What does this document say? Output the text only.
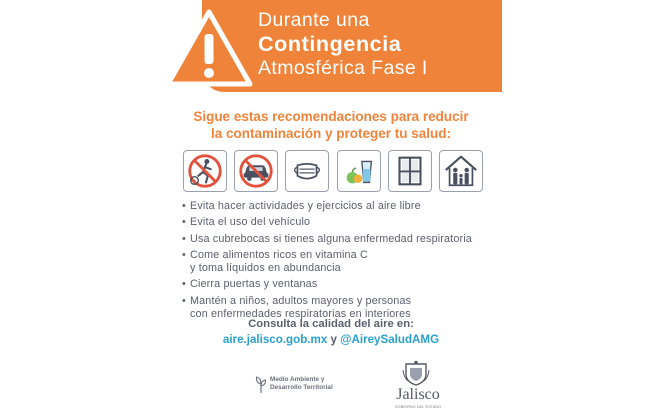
Durante una
Contingencia
Atmosférica Fase I
Sigue estas recomendaciones para reducir
la contaminación y proteger tu salud:
• Evita hacer actividades y ejercicios al aire libre
• Evita el uso del vehículo
• Usa cubrebocas si tienes alguna enfermedad respiratoria
• Come alimentos ricos en vitamina C
y toma líquidos en abundancia
• Cierra puertas y ventanas
• Mantén a niños, adultos mayores y personas
con enfermedades respiratorias en interiores
Consulta la calidad del aire en:
aire.jalisco.gob.mx y @AireySaludAMG
Medio Ambiente y
Desarrollo Territorial	Jalisco
GOBIERNO DEL ESTADO
